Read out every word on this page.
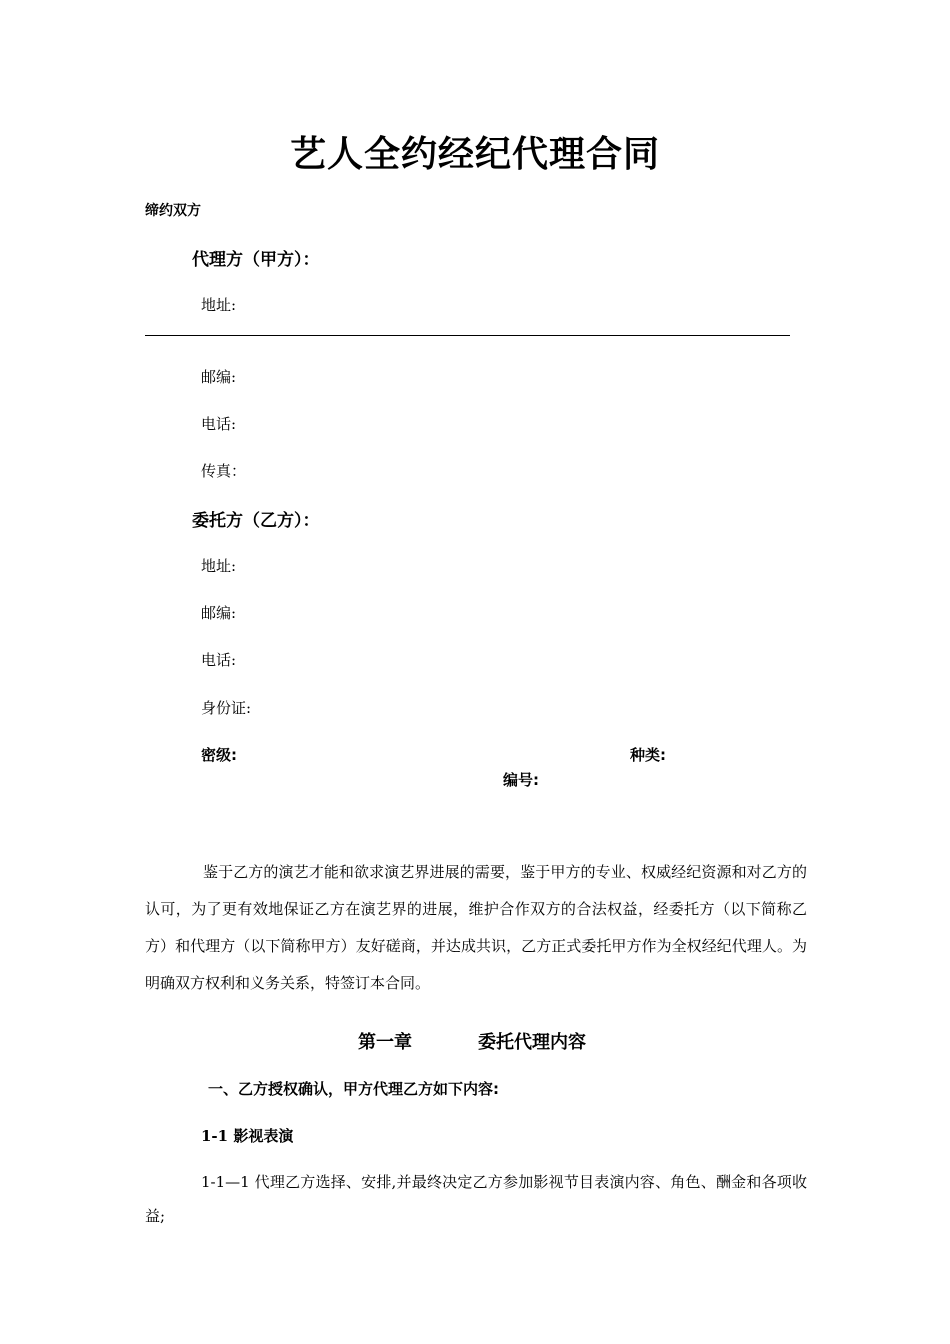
艺人全约经纪代理合同
缔约双方
代理方（甲方）：
地址:
邮编:
电话:
传真：
委托方（乙方）：
地址:
邮编:
电话:
身份证:
密级:	种类:
编号:
鉴于乙方的演艺才能和欲求演艺界进展的需要，鉴于甲方的专业、权威经纪资源和对乙方的认可，为了更有效地保证乙方在演艺界的进展，维护合作双方的合法权益，经委托方（以下简称乙方）和代理方（以下简称甲方）友好磋商，并达成共识，乙方正式委托甲方作为全权经纪代理人。为明确双方权利和义务关系，特签订本合同。
第一章	委托代理内容
一、乙方授权确认，甲方代理乙方如下内容:
1-1 影视表演
1-1—1 代理乙方选择、安排,并最终决定乙方参加影视节目表演内容、角色、酬金和各项收益;
